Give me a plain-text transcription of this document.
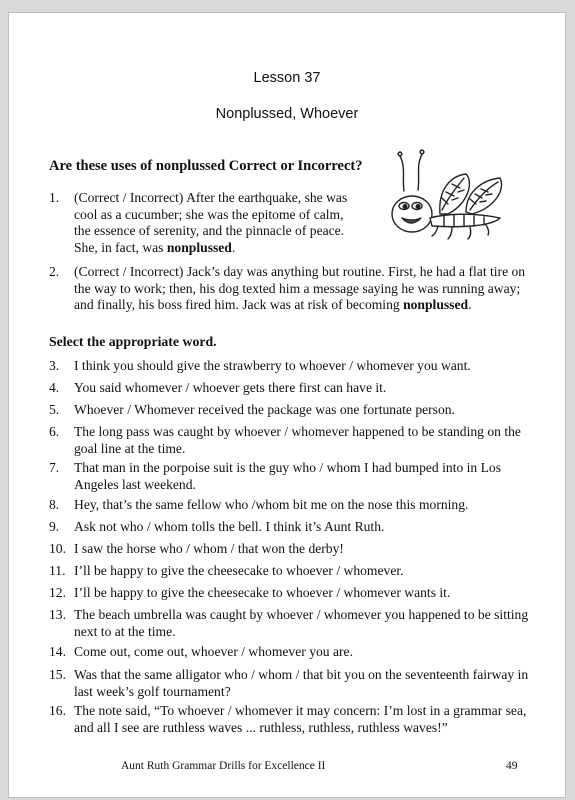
Lesson 37
Nonplussed, Whoever
Are these uses of nonplussed Correct or Incorrect?
1.	(Correct / Incorrect) After the earthquake, she was cool as a cucumber; she was the epitome of calm, the essence of serenity, and the pinnacle of peace. She, in fact, was nonplussed.
2.	(Correct / Incorrect) Jack’s day was anything but routine. First, he had a flat tire on the way to work; then, his dog texted him a message saying he was running away; and finally, his boss fired him. Jack was at risk of becoming nonplussed.
Select the appropriate word.
3.	I think you should give the strawberry to whoever / whomever you want.
4.	You said whomever / whoever gets there first can have it.
5.	Whoever / Whomever received the package was one fortunate person.
6.	The long pass was caught by whoever / whomever happened to be standing on the goal line at the time.
7.	That man in the porpoise suit is the guy who / whom I had bumped into in Los Angeles last weekend.
8.	Hey, that’s the same fellow who /whom bit me on the nose this morning.
9.	Ask not who / whom tolls the bell. I think it’s Aunt Ruth.
10. I saw the horse who / whom / that won the derby!
11. I’ll be happy to give the cheesecake to whoever / whomever.
12. I’ll be happy to give the cheesecake to whoever / whomever wants it.
13. The beach umbrella was caught by whoever / whomever you happened to be sitting next to at the time.
14. Come out, come out, whoever / whomever you are.
15. Was that the same alligator who / whom / that bit you on the seventeenth fairway in last week’s golf tournament?
16. The note said, “To whoever / whomever it may concern: I’m lost in a grammar sea, and all I see are ruthless waves ... ruthless, ruthless, ruthless waves!”
Aunt Ruth Grammar Drills for Excellence II	49
